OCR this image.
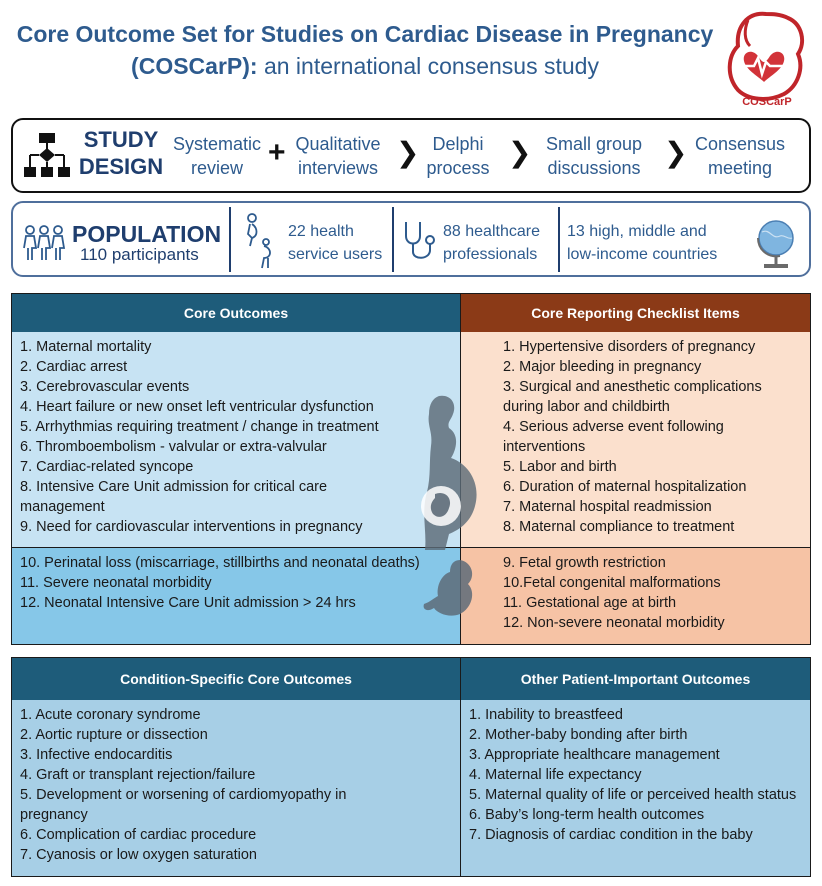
Core Outcome Set for Studies on Cardiac Disease in Pregnancy
(COSCarP): an international consensus study
COSCarP
STUDY
DESIGN
Systematic
review + Qualitative
interviews ❯ Delphi
process ❯ Small group
discussions ❯ Consensus
meeting
POPULATION
110 participants
22 health
service users
88 healthcare
professionals
13 high, middle and
low-income countries
Core Outcomes	Core Reporting Checklist Items
1. Maternal mortality
2. Cardiac arrest
3. Cerebrovascular events
4. Heart failure or new onset left ventricular dysfunction
5. Arrhythmias requiring treatment / change in treatment
6. Thromboembolism - valvular or extra-valvular
7. Cardiac-related syncope
8. Intensive Care Unit admission for critical care management
9. Need for cardiovascular interventions in pregnancy
1. Hypertensive disorders of pregnancy
2. Major bleeding in pregnancy
3. Surgical and anesthetic complications during labor and childbirth
4. Serious adverse event following interventions
5. Labor and birth
6. Duration of maternal hospitalization
7. Maternal hospital readmission
8. Maternal compliance to treatment
10. Perinatal loss (miscarriage, stillbirths and neonatal deaths)
11. Severe neonatal morbidity
12. Neonatal Intensive Care Unit admission > 24 hrs
9. Fetal growth restriction
10.Fetal congenital malformations
11. Gestational age at birth
12. Non-severe neonatal morbidity
Condition-Specific Core Outcomes	Other Patient-Important Outcomes
1. Acute coronary syndrome
2. Aortic rupture or dissection
3. Infective endocarditis
4. Graft or transplant rejection/failure
5. Development or worsening of cardiomyopathy in pregnancy
6. Complication of cardiac procedure
7. Cyanosis or low oxygen saturation
1. Inability to breastfeed
2. Mother-baby bonding after birth
3. Appropriate healthcare management
4. Maternal life expectancy
5. Maternal quality of life or perceived health status
6. Baby’s long-term health outcomes
7. Diagnosis of cardiac condition in the baby
